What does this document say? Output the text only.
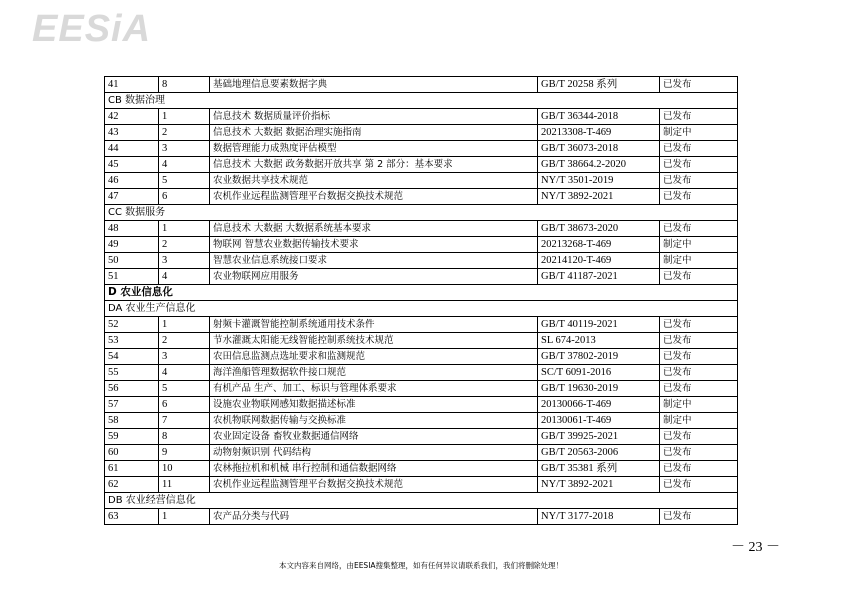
EESiA
41	8	基础地理信息要素数据字典	GB/T 20258 系列	已发布
CB 数据治理				
42	1	信息技术 数据质量评价指标	GB/T 36344-2018	已发布
43	2	信息技术 大数据 数据治理实施指南	20213308-T-469	制定中
44	3	数据管理能力成熟度评估模型	GB/T 36073-2018	已发布
45	4	信息技术 大数据 政务数据开放共享 第 2 部分：基本要求	GB/T 38664.2-2020	已发布
46	5	农业数据共享技术规范	NY/T 3501-2019	已发布
47	6	农机作业远程监测管理平台数据交换技术规范	NY/T 3892-2021	已发布
CC 数据服务				
48	1	信息技术 大数据 大数据系统基本要求	GB/T 38673-2020	已发布
49	2	物联网 智慧农业数据传输技术要求	20213268-T-469	制定中
50	3	智慧农业信息系统接口要求	20214120-T-469	制定中
51	4	农业物联网应用服务	GB/T 41187-2021	已发布
D 农业信息化				
DA 农业生产信息化				
52	1	射频卡灌溉智能控制系统通用技术条件	GB/T 40119-2021	已发布
53	2	节水灌溉太阳能无线智能控制系统技术规范	SL 674-2013	已发布
54	3	农田信息监测点选址要求和监测规范	GB/T 37802-2019	已发布
55	4	海洋渔船管理数据软件接口规范	SC/T 6091-2016	已发布
56	5	有机产品 生产、加工、标识与管理体系要求	GB/T 19630-2019	已发布
57	6	设施农业物联网感知数据描述标准	20130066-T-469	制定中
58	7	农机物联网数据传输与交换标准	20130061-T-469	制定中
59	8	农业固定设备 畜牧业数据通信网络	GB/T 39925-2021	已发布
60	9	动物射频识别 代码结构	GB/T 20563-2006	已发布
61	10	农林拖拉机和机械 串行控制和通信数据网络	GB/T 35381 系列	已发布
62	11	农机作业远程监测管理平台数据交换技术规范	NY/T 3892-2021	已发布
DB 农业经营信息化				
63	1	农产品分类与代码	NY/T 3177-2018	已发布
－ 23 －
本文内容来自网络，由EESIA搜集整理，如有任何异议请联系我们，我们将删除处理！
